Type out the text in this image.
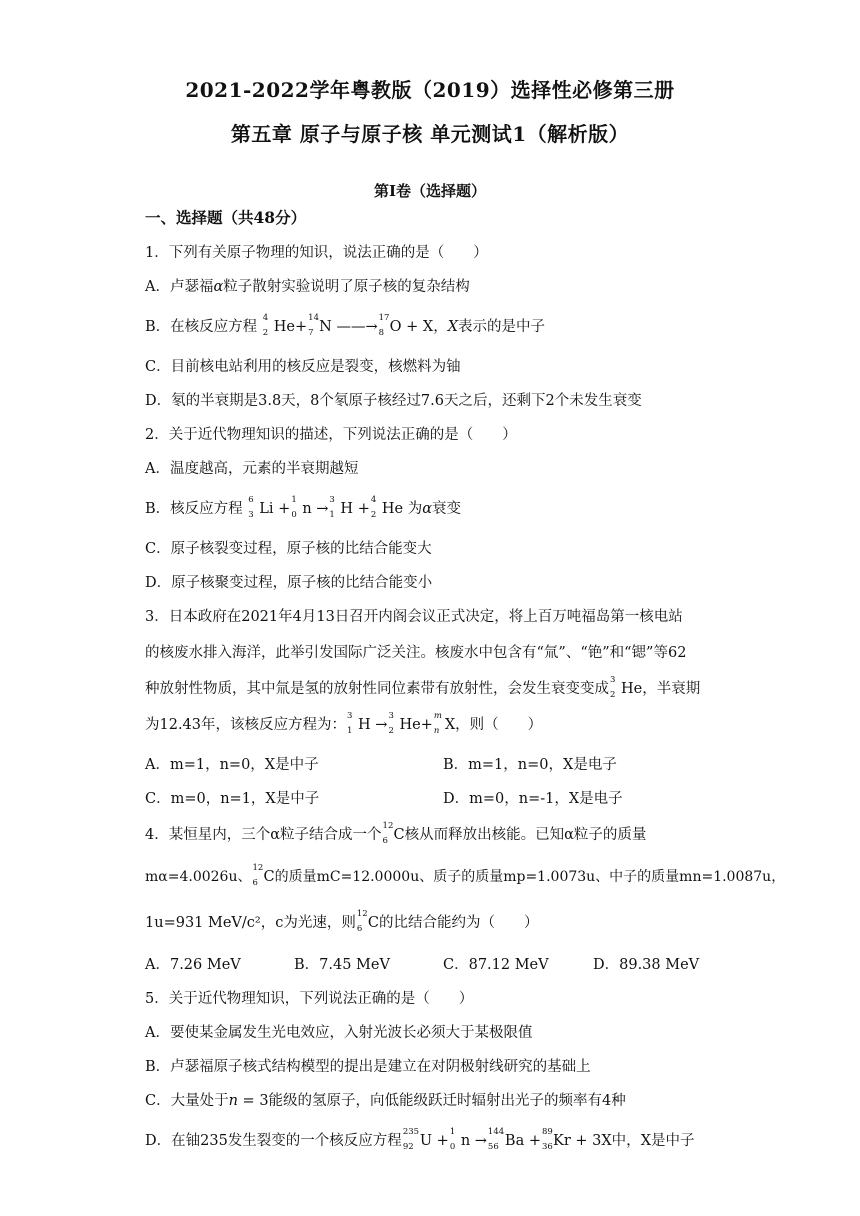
2021-2022学年粤教版（2019）选择性必修第三册
第五章 原子与原子核 单元测试1（解析版）
第I卷（选择题）
一、选择题（共48分）
1．下列有关原子物理的知识，说法正确的是（　　）
A．卢瑟福α粒子散射实验说明了原子核的复杂结构
B．在核反应方程
4
2 He+
14
7 N ——→
17
8 O + X，X表示的是中子
C．目前核电站利用的核反应是裂变，核燃料为铀
D．氡的半衰期是3.8天，8个氡原子核经过7.6天之后，还剩下2个未发生衰变
2．关于近代物理知识的描述，下列说法正确的是（　　）
A．温度越高，元素的半衰期越短
B．核反应方程
6
3 Li +
1
0 n →
3
1 H +
4
2 He 为α衰变
C．原子核裂变过程，原子核的比结合能变大
D．原子核聚变过程，原子核的比结合能变小
3．日本政府在2021年4月13日召开内阁会议正式决定，将上百万吨福岛第一核电站
的核废水排入海洋，此举引发国际广泛关注。核废水中包含有“氚”、“铯”和“锶”等62
种放射性物质，其中氚是氢的放射性同位素带有放射性，会发生衰变变成
3
2 He，半衰期
为12.43年，该核反应方程为：
3
1 H →
3
2 He+
m
n X，则（　　）
A．m=1，n=0，X是中子	B．m=1，n=0，X是电子
C．m=0，n=1，X是中子	D．m=0，n=-1，X是电子
4．某恒星内，三个α粒子结合成一个
12
6 C核从而释放出核能。已知α粒子的质量
mα=4.0026u、
12
6 C的质量mC=12.0000u、质子的质量mp=1.0073u、中子的质量mn=1.0087u，
1u=931 MeV/c²，c为光速，则
12
6 C的比结合能约为（　　）
A．7.26 MeV	B．7.45 MeV	C．87.12 MeV	D．89.38 MeV
5．关于近代物理知识，下列说法正确的是（　　）
A．要使某金属发生光电效应，入射光波长必须大于某极限值
B．卢瑟福原子核式结构模型的提出是建立在对阴极射线研究的基础上
C．大量处于n = 3能级的氢原子，向低能级跃迁时辐射出光子的频率有4种
D．在铀235发生裂变的一个核反应方程
235
92 U +
1
0 n →
144
56 Ba +
89
36 Kr + 3X中，X是中子
